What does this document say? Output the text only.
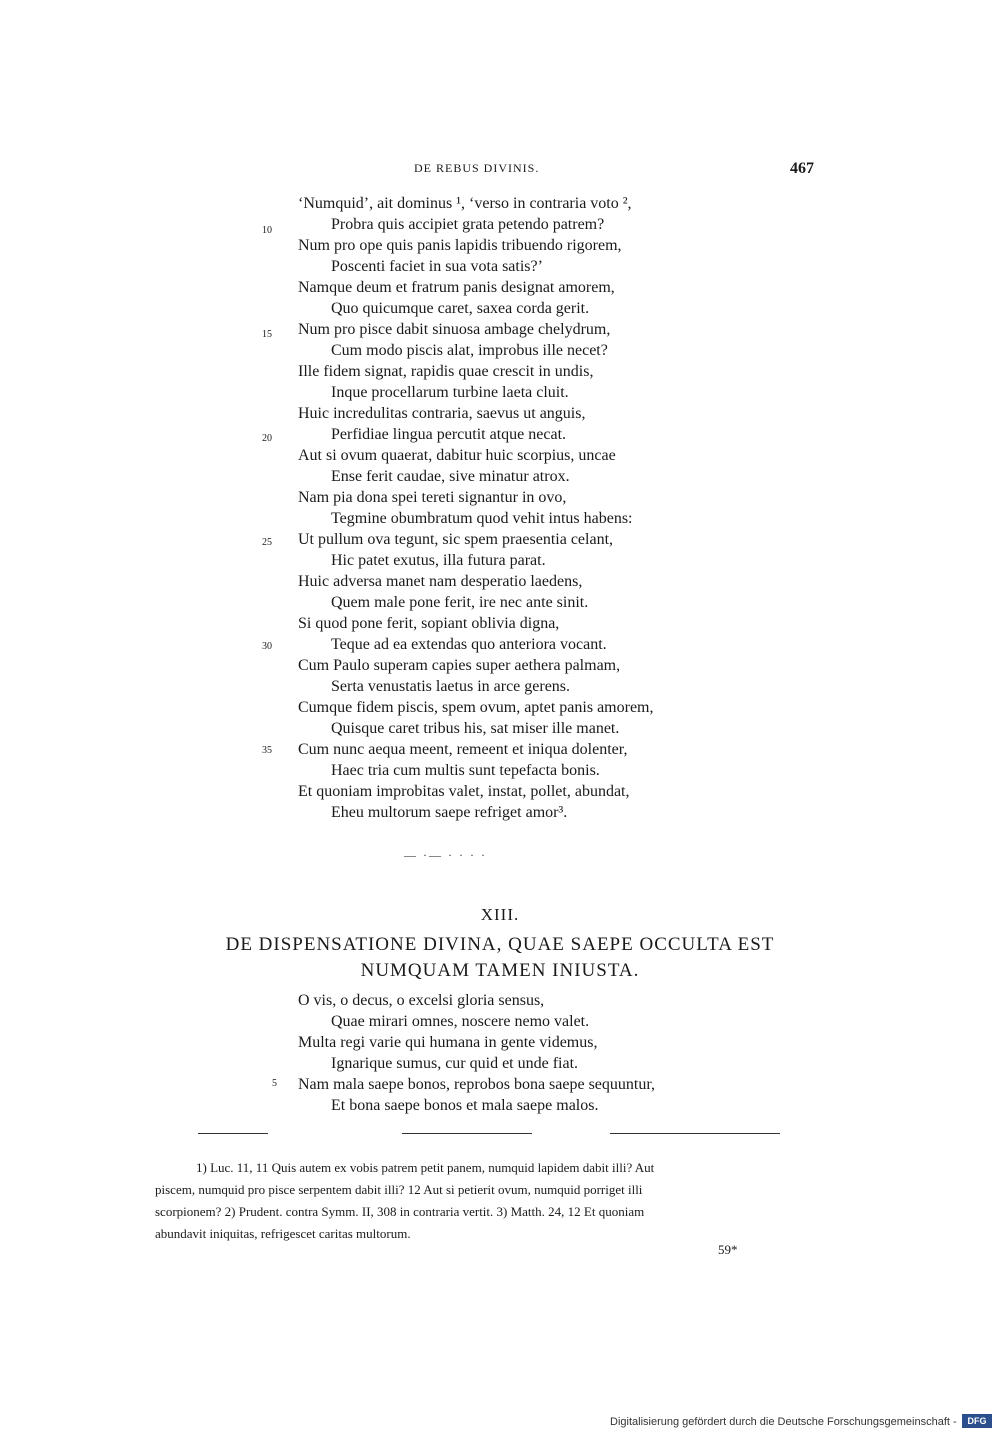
DE REBUS DIVINIS.	467
10
15
20
25
30
35
‘Numquid’, ait dominus ¹, ‘verso in contraria voto ²,
Probra quis accipiet grata petendo patrem?
Num pro ope quis panis lapidis tribuendo rigorem,
Poscenti faciet in sua vota satis?’
Namque deum et fratrum panis designat amorem,
Quo quicumque caret, saxea corda gerit.
Num pro pisce dabit sinuosa ambage chelydrum,
Cum modo piscis alat, improbus ille necet?
Ille fidem signat, rapidis quae crescit in undis,
Inque procellarum turbine laeta cluit.
Huic incredulitas contraria, saevus ut anguis,
Perfidiae lingua percutit atque necat.
Aut si ovum quaerat, dabitur huic scorpius, uncae
Ense ferit caudae, sive minatur atrox.
Nam pia dona spei tereti signantur in ovo,
Tegmine obumbratum quod vehit intus habens:
Ut pullum ova tegunt, sic spem praesentia celant,
Hic patet exutus, illa futura parat.
Huic adversa manet nam desperatio laedens,
Quem male pone ferit, ire nec ante sinit.
Si quod pone ferit, sopiant oblivia digna,
Teque ad ea extendas quo anteriora vocant.
Cum Paulo superam capies super aethera palmam,
Serta venustatis laetus in arce gerens.
Cumque fidem piscis, spem ovum, aptet panis amorem,
Quisque caret tribus his, sat miser ille manet.
Cum nunc aequa meent, remeent et iniqua dolenter,
Haec tria cum multis sunt tepefacta bonis.
Et quoniam improbitas valet, instat, pollet, abundat,
Eheu multorum saepe refriget amor³.
— ·— · · · ·
XIII.
DE DISPENSATIONE DIVINA, QUAE SAEPE OCCULTA EST
NUMQUAM TAMEN INIUSTA.
5
O vis, o decus, o excelsi gloria sensus,
Quae mirari omnes, noscere nemo valet.
Multa regi varie qui humana in gente videmus,
Ignarique sumus, cur quid et unde fiat.
Nam mala saepe bonos, reprobos bona saepe sequuntur,
Et bona saepe bonos et mala saepe malos.
1) Luc. 11, 11 Quis autem ex vobis patrem petit panem, numquid lapidem dabit illi? Aut
piscem, numquid pro pisce serpentem dabit illi? 12 Aut si petierit ovum, numquid porriget illi
scorpionem? 2) Prudent. contra Symm. II, 308 in contraria vertit. 3) Matth. 24, 12 Et quoniam
abundavit iniquitas, refrigescet caritas multorum.
59*
Digitalisierung gefördert durch die Deutsche Forschungsgemeinschaft -	DFG
